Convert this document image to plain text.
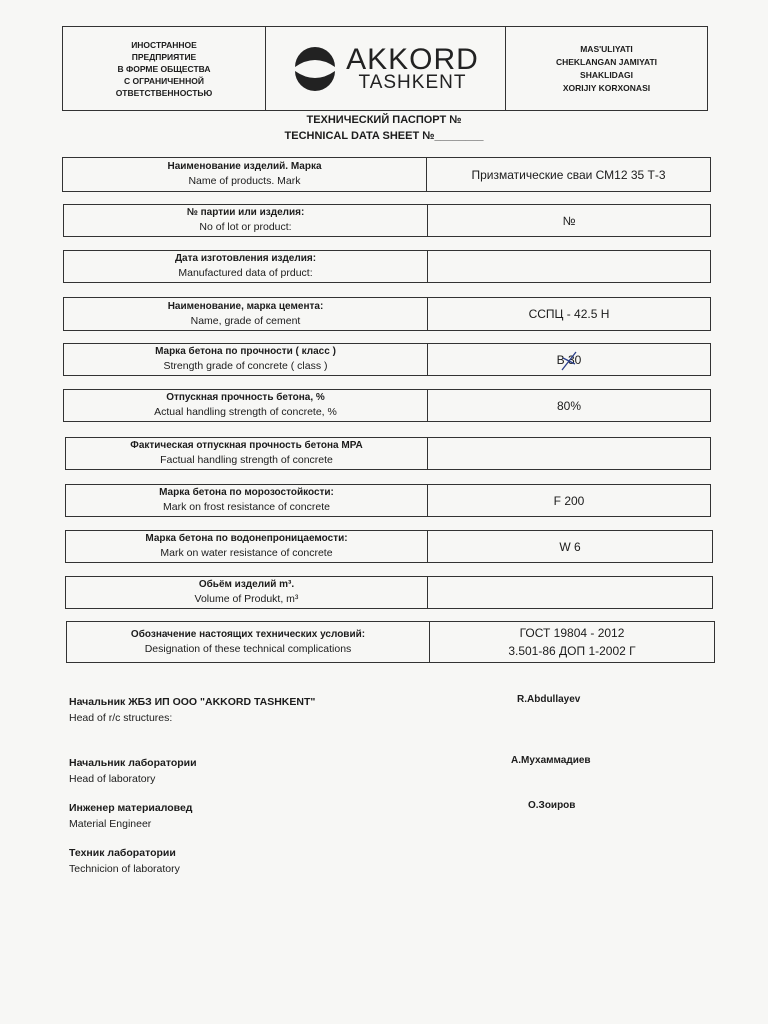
ИНОСТРАННОЕ
ПРЕДПРИЯТИЕ
В ФОРМЕ ОБЩЕСТВА
С ОГРАНИЧЕННОЙ
ОТВЕТСТВЕННОСТЬЮ
AKKORD
TASHKENT
MAS'ULIYATI
CHEKLANGAN JAMIYATI
SHAKLIDAGI
XORIJIY KORXONASI
ТЕХНИЧЕСКИЙ ПАСПОРТ №
TECHNICAL DATA SHEET №________
Наименование изделий. Марка
Name of products. Mark	Призматические сваи СМ12 35 Т-3
№ партии или изделия:
No of lot or product:	№
Дата изготовления изделия:
Manufactured data of prduct:
Наименование, марка цемента:
Name, grade of cement	ССПЦ - 42.5 Н
Марка бетона по прочности ( класс )
Strength grade of concrete ( class )	В 30
Отпускная прочность бетона, %
Actual handling strength of concrete, %	80%
Фактическая отпускная прочность бетона МРА
Factual handling strength of concrete
Марка бетона по морозостойкости:
Mark on frost resistance of concrete	F 200
Марка бетона по водонепроницаемости:
Mark on water resistance of concrete	W 6
Обьём изделий m³.
Volume of Produkt, m³
Обозначение настоящих технических условий:
Designation of these technical complications
ГОСТ 19804 - 2012
3.501-86 ДОП 1-2002 Г
Начальник ЖБЗ ИП ООО "AKKORD TASHKENT"
Head of r/c structures:
R.Abdullayev
Начальник лаборатории
Head of laboratory
А.Мухаммадиев
Инженер материаловед
Material Engineer
О.Зоиров
Техник лаборатории
Technicion of laboratory
